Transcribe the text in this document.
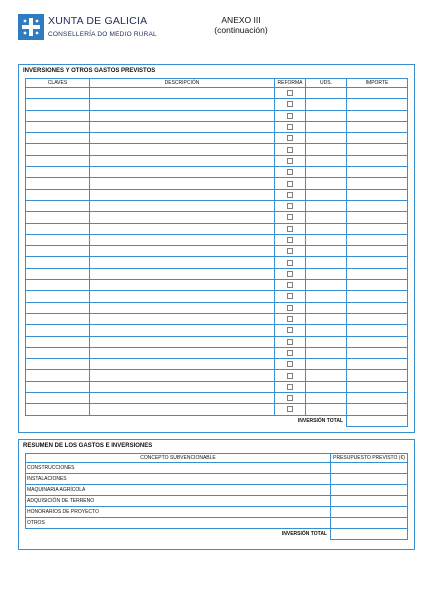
XUNTA DE GALICIA
CONSELLERÍA DO MEDIO RURAL
ANEXO III
(continuación)
INVERSIONES Y OTROS GASTOS PREVISTOS
CLAVES	DESCRIPCIÓN	REFORMA	UDS.	IMPORTE

INVERSIÓN TOTAL				
RESUMEN DE LOS GASTOS E INVERSIONES
CONCEPTO SUBVENCIONABLE	PRESUPUESTO PREVISTO (€)
CONSTRUCCIONES	
INSTALACIONES	
MAQUINARIA AGRÍCOLA	
ADQUISICIÓN DE TERRENO	
HONORARIOS DE PROYECTO	
OTROS	
INVERSIÓN TOTAL	
